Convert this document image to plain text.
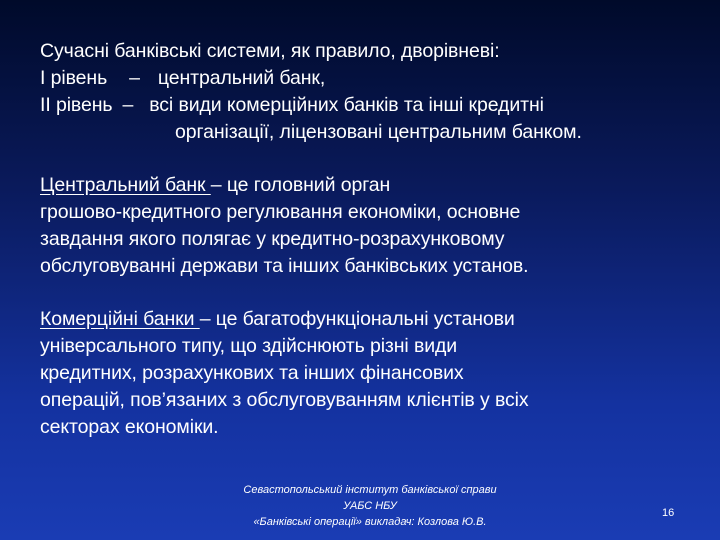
Сучасні банківські системи, як правило, дворівневі:
І рівень – центральний банк,
ІІ рівень – всі види комерційних банків та інші кредитні
організації, ліцензовані центральним банком.
Центральний банк – це головний орган
грошово-кредитного регулювання економіки, основне
завдання якого полягає у кредитно-розрахунковому
обслуговуванні держави та інших банківських установ.
Комерційні банки – це багатофункціональні установи
універсального типу, що здійснюють різні види
кредитних, розрахункових та інших фінансових
операцій, пов’язаних з обслуговуванням клієнтів у всіх
секторах економіки.
Севастопольський інститут банківської справи
УАБС НБУ
«Банківські операції» викладач: Козлова Ю.В.
16
